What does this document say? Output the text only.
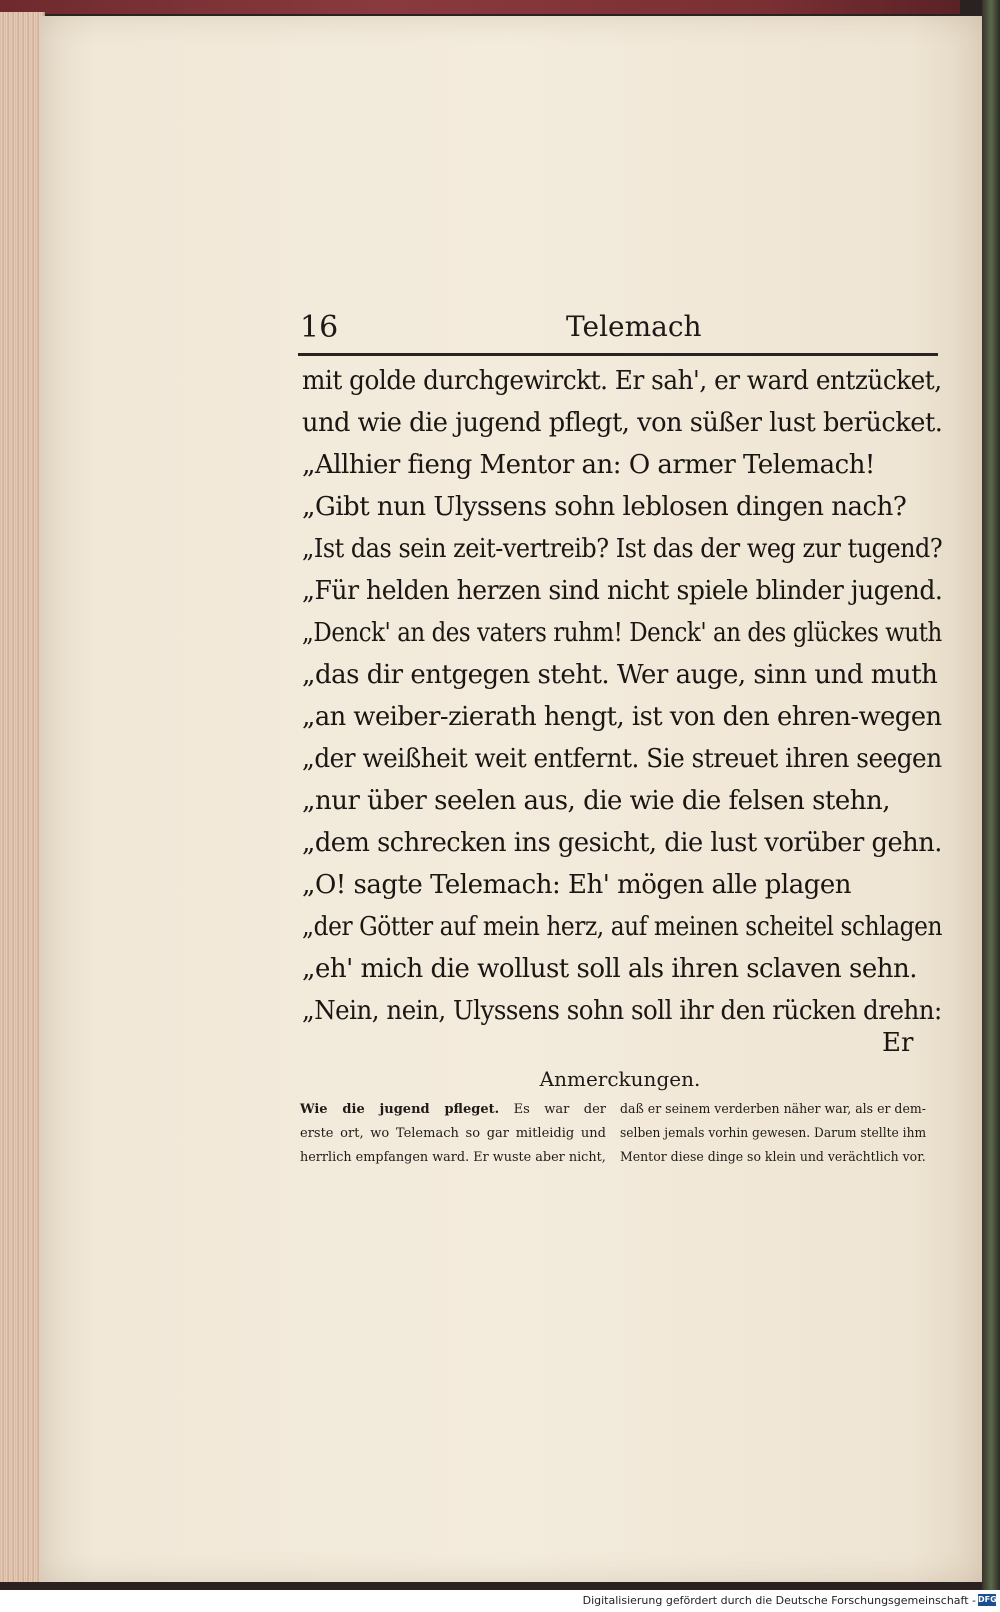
16	Telemach
mit golde durchgewirckt. Er sah', er ward entzücket,
und wie die jugend pflegt, von süßer lust berücket.
„Allhier fieng Mentor an: O armer Telemach!
„Gibt nun Ulyssens sohn leblosen dingen nach?
„Ist das sein zeit-vertreib? Ist das der weg zur tugend?
„Für helden herzen sind nicht spiele blinder jugend.
„Denck' an des vaters ruhm! Denck' an des glückes wuth
„das dir entgegen steht. Wer auge, sinn und muth
„an weiber-zierath hengt, ist von den ehren-wegen
„der weißheit weit entfernt. Sie streuet ihren seegen
„nur über seelen aus, die wie die felsen stehn,
„dem schrecken ins gesicht, die lust vorüber gehn.
„O! sagte Telemach: Eh' mögen alle plagen
„der Götter auf mein herz, auf meinen scheitel schlagen
„eh' mich die wollust soll als ihren sclaven sehn.
„Nein, nein, Ulyssens sohn soll ihr den rücken drehn:
Er
Anmerckungen.
Wie die jugend pfleget. Es war der
erste ort, wo Telemach so gar mitleidig und
herrlich empfangen ward. Er wuste aber nicht,
daß er seinem verderben näher war, als er dem-
selben jemals vorhin gewesen. Darum stellte ihm
Mentor diese dinge so klein und verächtlich vor.
Digitalisierung gefördert durch die Deutsche Forschungsgemeinschaft - DFG
